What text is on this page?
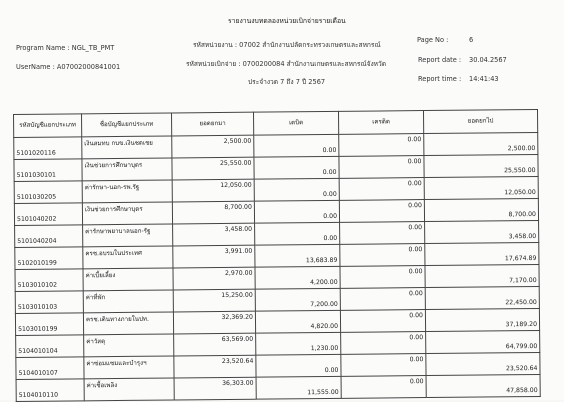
รายงานงบทดลองหน่วยเบิกจ่ายรายเดือน
Program Name : NGL_TB_PMT
UserName : A07002000841001
รหัสหน่วยงาน : 07002 สำนักงานปลัดกระทรวงเกษตรและสหกรณ์
รหัสหน่วยเบิกจ่าย : 0700200084 สำนักงานเกษตรและสหกรณ์จังหวัด
ประจำงวด 7 ถึง 7 ปี 2567
Page No :	6
Report date : 30.04.2567
Report time : 14:41:43
รหัสบัญชีแยกประเภท	ชื่อบัญชีแยกประเภท	ยอดยกมา	เดบิต	เครดิต	ยอดยกไป
5101020116	เงินสมทบ กบข.เงินชดเชย	2,500.00	0.00	0.00	2,500.00
5101030101	เงินช่วยการศึกษาบุตร	25,550.00	0.00	0.00	25,550.00
5101030205	ค่ารักษา-นอก-รพ.รัฐ	12,050.00	0.00	0.00	12,050.00
5101040202	เงินช่วยการศึกษาบุตร	8,700.00	0.00	0.00	8,700.00
5101040204	ค่ารักษาพยาบาลนอก-รัฐ	3,458.00	0.00	0.00	3,458.00
5102010199	ครช.อบรมในประเทศ	3,991.00	13,683.89	0.00	17,674.89
5103010102	ค่าเบี้ยเลี้ยง	2,970.00	4,200.00	0.00	7,170.00
5103010103	ค่าที่พัก	15,250.00	7,200.00	0.00	22,450.00
5103010199	ครช.เดินทางภายในปท.	32,369.20	4,820.00	0.00	37,189.20
5104010104	ค่าวัสดุ	63,569.00	1,230.00	0.00	64,799.00
5104010107	ค่าซ่อมแซมและบำรุงฯ	23,520.64	0.00	0.00	23,520.64
5104010110	ค่าเชื้อเพลิง	36,303.00	11,555.00	0.00	47,858.00
